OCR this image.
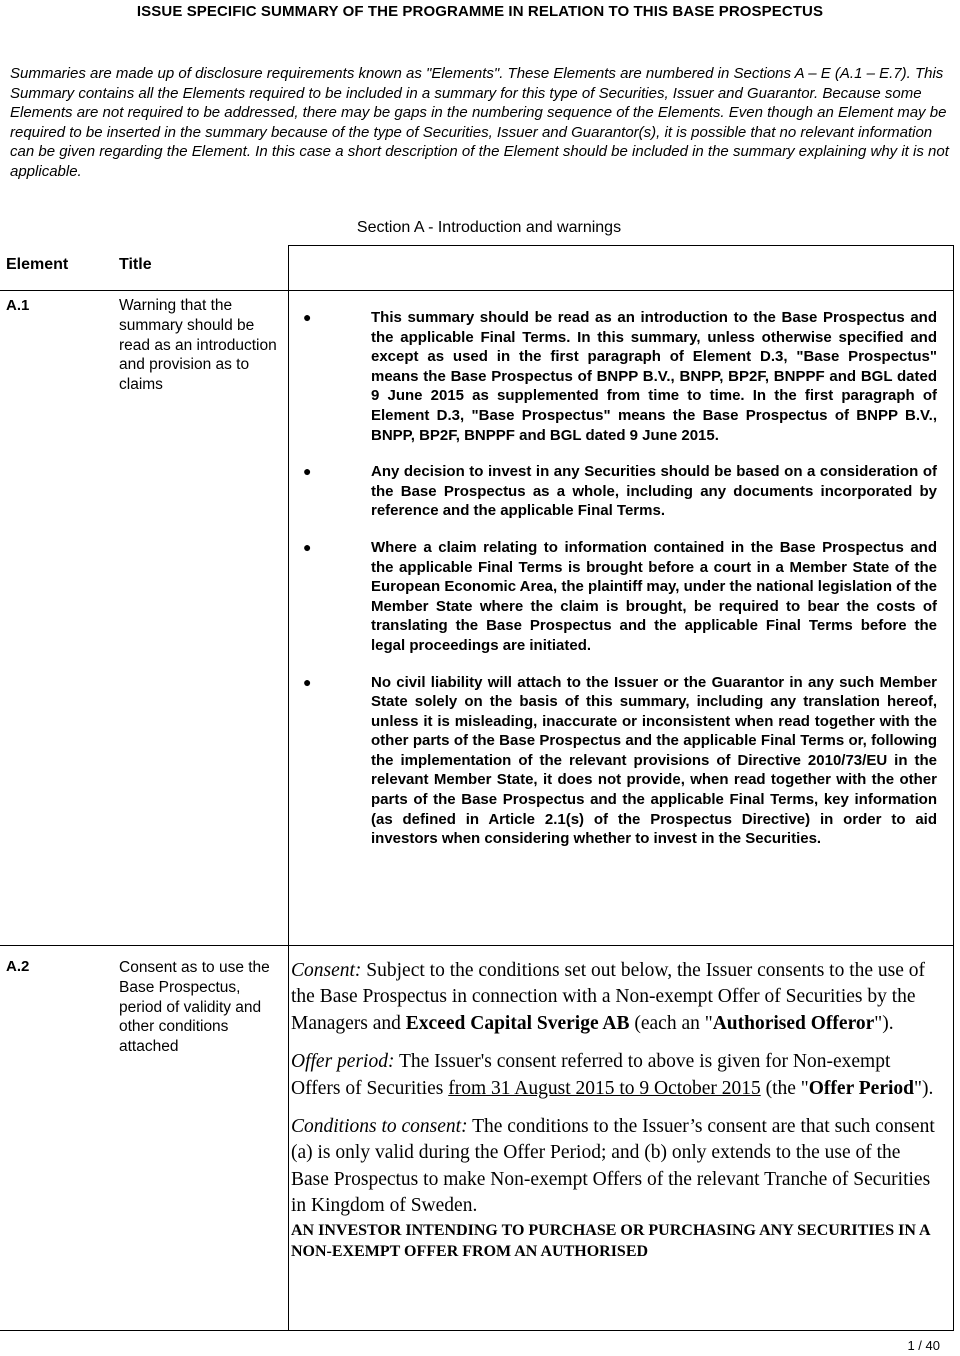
ISSUE SPECIFIC SUMMARY OF THE PROGRAMME IN RELATION TO THIS BASE PROSPECTUS
Summaries are made up of disclosure requirements known as "Elements". These Elements are numbered in Sections A – E (A.1 – E.7). This Summary contains all the Elements required to be included in a summary for this type of Securities, Issuer and Guarantor. Because some Elements are not required to be addressed, there may be gaps in the numbering sequence of the Elements. Even though an Element may be required to be inserted in the summary because of the type of Securities, Issuer and Guarantor(s), it is possible that no relevant information can be given regarding the Element. In this case a short description of the Element should be included in the summary explaining why it is not applicable.
Section A - Introduction and warnings
Element	Title
A.1	Warning that the summary should be read as an introduction and provision as to claims
●	This summary should be read as an introduction to the Base Prospectus and the applicable Final Terms. In this summary, unless otherwise specified and except as used in the first paragraph of Element D.3, "Base Prospectus" means the Base Prospectus of BNPP B.V., BNPP, BP2F, BNPPF and BGL dated 9 June 2015 as supplemented from time to time. In the first paragraph of Element D.3, "Base Prospectus" means the Base Prospectus of BNPP B.V., BNPP, BP2F, BNPPF and BGL dated 9 June 2015.
●	Any decision to invest in any Securities should be based on a consideration of the Base Prospectus as a whole, including any documents incorporated by reference and the applicable Final Terms.
●	Where a claim relating to information contained in the Base Prospectus and the applicable Final Terms is brought before a court in a Member State of the European Economic Area, the plaintiff may, under the national legislation of the Member State where the claim is brought, be required to bear the costs of translating the Base Prospectus and the applicable Final Terms before the legal proceedings are initiated.
●	No civil liability will attach to the Issuer or the Guarantor in any such Member State solely on the basis of this summary, including any translation hereof, unless it is misleading, inaccurate or inconsistent when read together with the other parts of the Base Prospectus and the applicable Final Terms or, following the implementation of the relevant provisions of Directive 2010/73/EU in the relevant Member State, it does not provide, when read together with the other parts of the Base Prospectus and the applicable Final Terms, key information (as defined in Article 2.1(s) of the Prospectus Directive) in order to aid investors when considering whether to invest in the Securities.
A.2	Consent as to use the Base Prospectus, period of validity and other conditions attached

Consent: Subject to the conditions set out below, the Issuer consents to the use of the Base Prospectus in connection with a Non-exempt Offer of Securities by the Managers and Exceed Capital Sverige AB (each an "Authorised Offeror").

Offer period: The Issuer's consent referred to above is given for Non-exempt Offers of Securities from 31 August 2015 to 9 October 2015 (the "Offer Period").

Conditions to consent: The conditions to the Issuer’s consent are that such consent (a) is only valid during the Offer Period; and (b) only extends to the use of the Base Prospectus to make Non-exempt Offers of the relevant Tranche of Securities in Kingdom of Sweden.

AN INVESTOR INTENDING TO PURCHASE OR PURCHASING ANY SECURITIES IN A NON-EXEMPT OFFER FROM AN AUTHORISED

1 / 40
